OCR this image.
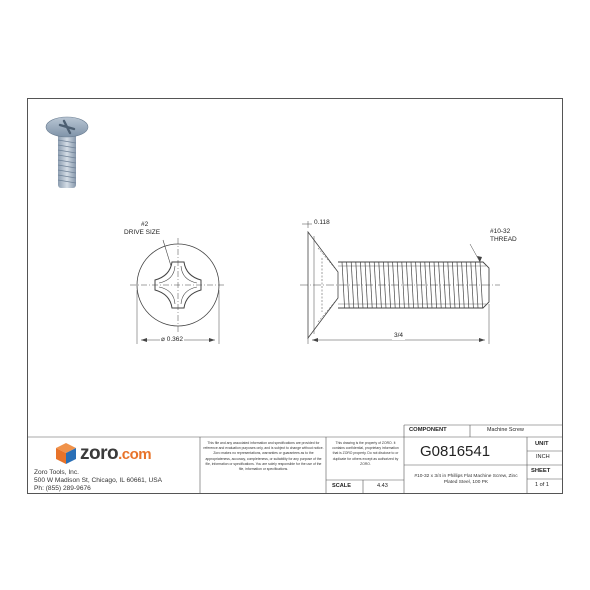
#2
DRIVE SIZE
⌀ 0.362
0.118
#10-32
THREAD
3/4
zoro.com
Zoro Tools, Inc.
500 W Madison St, Chicago, IL 60661, USA
Ph: (855) 289-9676
This file and any associated information and specifications are provided for reference and evaluation purposes only, and is subject to change without notice. Zoro makes no representations, warranties or guarantees as to the appropriateness, accuracy, completeness, or suitability for any purpose of the file, information or specifications. You are solely responsible for the use of the file, information or specifications.
This drawing is the property of ZORO. It contains confidential, proprietary information that is ZORO property. Do not disclose to or duplicate for others except as authorized by ZORO.
SCALE	4.43
COMPONENT	Machine Screw
G0816541
#10-32 x 3/4 in Phillips Flat Machine Screw, Zinc Plated Steel, 100 PK
UNIT
INCH
SHEET
1 of 1
